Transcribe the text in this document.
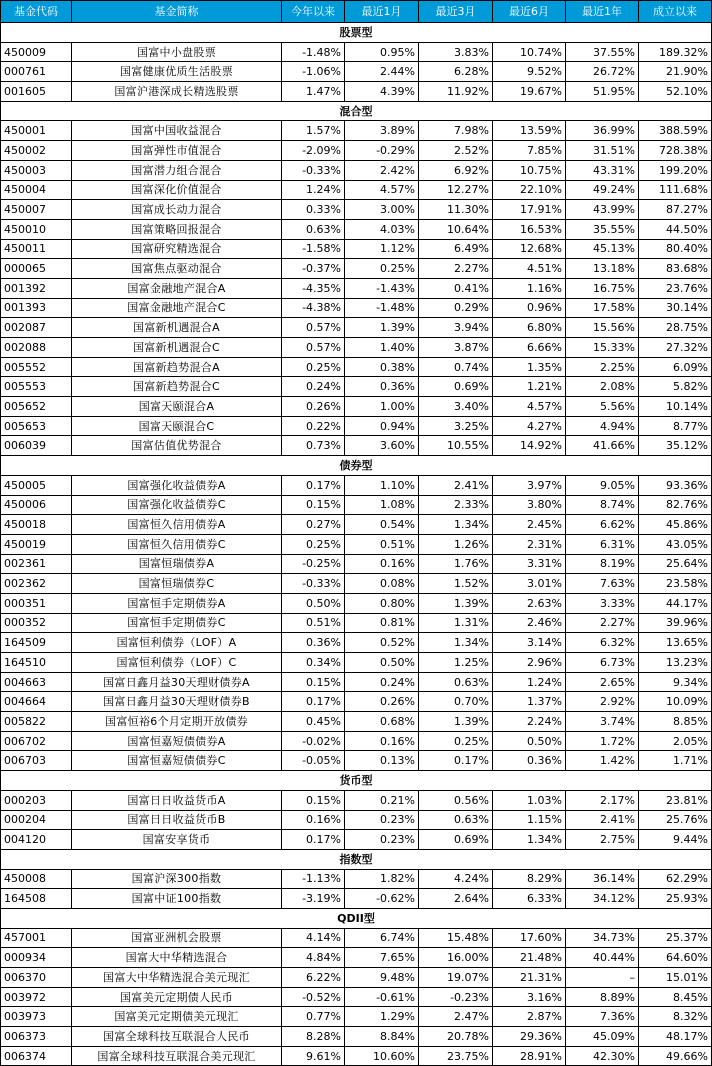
基金代码	基金简称	今年以来	最近1月	最近3月	最近6月	最近1年	成立以来
股票型							
450009	国富中小盘股票	-1.48%	0.95%	3.83%	10.74%	37.55%	189.32%
000761	国富健康优质生活股票	-1.06%	2.44%	6.28%	9.52%	26.72%	21.90%
001605	国富沪港深成长精选股票	1.47%	4.39%	11.92%	19.67%	51.95%	52.10%
混合型							
450001	国富中国收益混合	1.57%	3.89%	7.98%	13.59%	36.99%	388.59%
450002	国富弹性市值混合	-2.09%	-0.29%	2.52%	7.85%	31.51%	728.38%
450003	国富潜力组合混合	-0.33%	2.42%	6.92%	10.75%	43.31%	199.20%
450004	国富深化价值混合	1.24%	4.57%	12.27%	22.10%	49.24%	111.68%
450007	国富成长动力混合	0.33%	3.00%	11.30%	17.91%	43.99%	87.27%
450010	国富策略回报混合	0.63%	4.03%	10.64%	16.53%	35.55%	44.50%
450011	国富研究精选混合	-1.58%	1.12%	6.49%	12.68%	45.13%	80.40%
000065	国富焦点驱动混合	-0.37%	0.25%	2.27%	4.51%	13.18%	83.68%
001392	国富金融地产混合A	-4.35%	-1.43%	0.41%	1.16%	16.75%	23.76%
001393	国富金融地产混合C	-4.38%	-1.48%	0.29%	0.96%	17.58%	30.14%
002087	国富新机遇混合A	0.57%	1.39%	3.94%	6.80%	15.56%	28.75%
002088	国富新机遇混合C	0.57%	1.40%	3.87%	6.66%	15.33%	27.32%
005552	国富新趋势混合A	0.25%	0.38%	0.74%	1.35%	2.25%	6.09%
005553	国富新趋势混合C	0.24%	0.36%	0.69%	1.21%	2.08%	5.82%
005652	国富天颐混合A	0.26%	1.00%	3.40%	4.57%	5.56%	10.14%
005653	国富天颐混合C	0.22%	0.94%	3.25%	4.27%	4.94%	8.77%
006039	国富估值优势混合	0.73%	3.60%	10.55%	14.92%	41.66%	35.12%
债券型							
450005	国富强化收益债券A	0.17%	1.10%	2.41%	3.97%	9.05%	93.36%
450006	国富强化收益债券C	0.15%	1.08%	2.33%	3.80%	8.74%	82.76%
450018	国富恒久信用债券A	0.27%	0.54%	1.34%	2.45%	6.62%	45.86%
450019	国富恒久信用债券C	0.25%	0.51%	1.26%	2.31%	6.31%	43.05%
002361	国富恒瑞债券A	-0.25%	0.16%	1.76%	3.31%	8.19%	25.64%
002362	国富恒瑞债券C	-0.33%	0.08%	1.52%	3.01%	7.63%	23.58%
000351	国富恒手定期债券A	0.50%	0.80%	1.39%	2.63%	3.33%	44.17%
000352	国富恒手定期债券C	0.51%	0.81%	1.31%	2.46%	2.27%	39.96%
164509	国富恒利债券（LOF）A	0.36%	0.52%	1.34%	3.14%	6.32%	13.65%
164510	国富恒利债券（LOF）C	0.34%	0.50%	1.25%	2.96%	6.73%	13.23%
004663	国富日鑫月益30天理财债券A	0.15%	0.24%	0.63%	1.24%	2.65%	9.34%
004664	国富日鑫月益30天理财债券B	0.17%	0.26%	0.70%	1.37%	2.92%	10.09%
005822	国富恒裕6个月定期开放债券	0.45%	0.68%	1.39%	2.24%	3.74%	8.85%
006702	国富恒嘉短债债券A	-0.02%	0.16%	0.25%	0.50%	1.72%	2.05%
006703	国富恒嘉短债债券C	-0.05%	0.13%	0.17%	0.36%	1.42%	1.71%
货币型							
000203	国富日日收益货币A	0.15%	0.21%	0.56%	1.03%	2.17%	23.81%
000204	国富日日收益货币B	0.16%	0.23%	0.63%	1.15%	2.41%	25.76%
004120	国富安享货币	0.17%	0.23%	0.69%	1.34%	2.75%	9.44%
指数型							
450008	国富沪深300指数	-1.13%	1.82%	4.24%	8.29%	36.14%	62.29%
164508	国富中证100指数	-3.19%	-0.62%	2.64%	6.33%	34.12%	25.93%
QDII型							
457001	国富亚洲机会股票	4.14%	6.74%	15.48%	17.60%	34.73%	25.37%
000934	国富大中华精选混合	4.84%	7.65%	16.00%	21.48%	40.44%	64.60%
006370	国富大中华精选混合美元现汇	6.22%	9.48%	19.07%	21.31%	–	15.01%
003972	国富美元定期债人民币	-0.52%	-0.61%	-0.23%	3.16%	8.89%	8.45%
003973	国富美元定期债美元现汇	0.77%	1.29%	2.47%	2.87%	7.36%	8.32%
006373	国富全球科技互联混合人民币	8.28%	8.84%	20.78%	29.36%	45.09%	48.17%
006374	国富全球科技互联混合美元现汇	9.61%	10.60%	23.75%	28.91%	42.30%	49.66%
